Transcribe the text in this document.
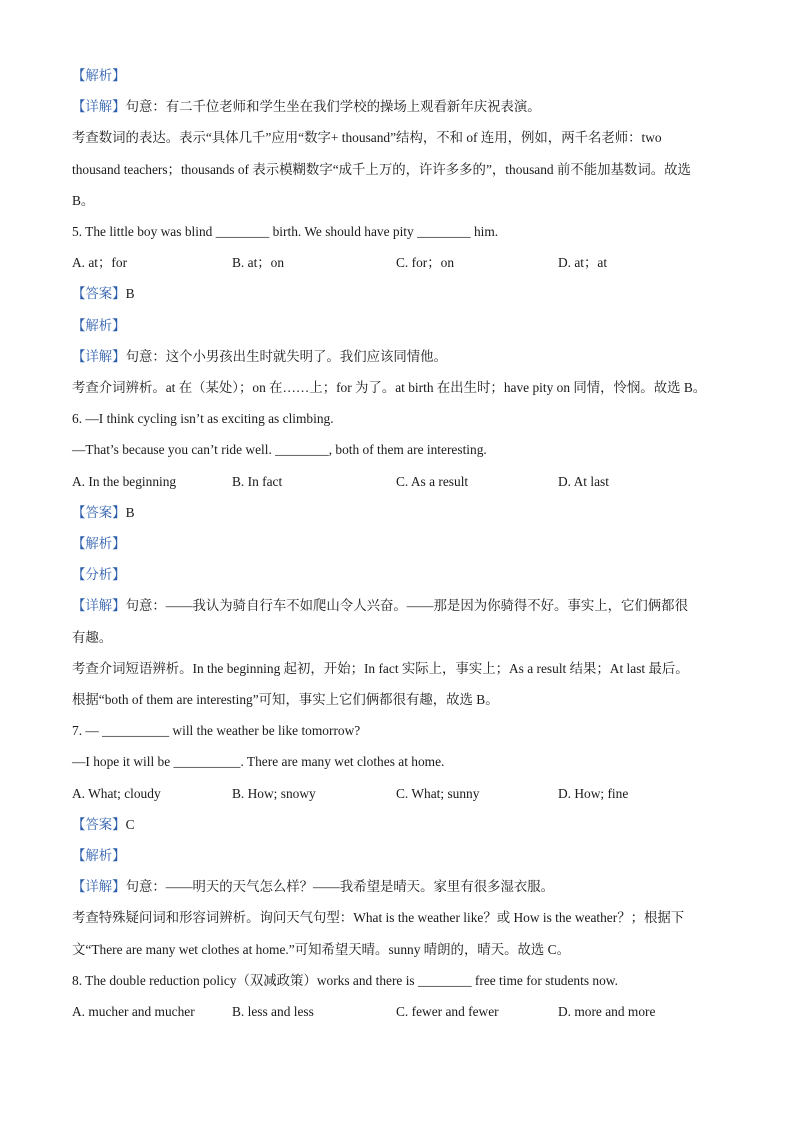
【解析】
【详解】句意：有二千位老师和学生坐在我们学校的操场上观看新年庆祝表演。
考查数词的表达。表示“具体几千”应用“数字+ thousand”结构，不和 of 连用，例如，两千名老师：two
thousand teachers；thousands of 表示模糊数字“成千上万的，许许多多的”，thousand 前不能加基数词。故选
B。
5. The little boy was blind ________ birth. We should have pity ________ him.
A. at；for	B. at；on	C. for；on	D. at；at
【答案】B
【解析】
【详解】句意：这个小男孩出生时就失明了。我们应该同情他。
考查介词辨析。at 在（某处）；on 在……上；for 为了。at birth 在出生时；have pity on 同情，怜悯。故选 B。
6. —I think cycling isn’t as exciting as climbing.
—That’s because you can’t ride well. ________, both of them are interesting.
A. In the beginning	B. In fact	C. As a result	D. At last
【答案】B
【解析】
【分析】
【详解】句意：——我认为骑自行车不如爬山令人兴奋。——那是因为你骑得不好。事实上，它们俩都很
有趣。
考查介词短语辨析。In the beginning 起初，开始；In fact 实际上，事实上；As a result 结果；At last 最后。
根据“both of them are interesting”可知，事实上它们俩都很有趣，故选 B。
7. — __________ will the weather be like tomorrow?
—I hope it will be __________. There are many wet clothes at home.
A. What; cloudy	B. How; snowy	C. What; sunny	D. How; fine
【答案】C
【解析】
【详解】句意：——明天的天气怎么样？——我希望是晴天。家里有很多湿衣服。
考查特殊疑问词和形容词辨析。询问天气句型：What is the weather like？或 How is the weather？；根据下
文“There are many wet clothes at home.”可知希望天晴。sunny 晴朗的，晴天。故选 C。
8. The double reduction policy（双减政策）works and there is ________ free time for students now.
A. mucher and mucher	B. less and less	C. fewer and fewer	D. more and more
